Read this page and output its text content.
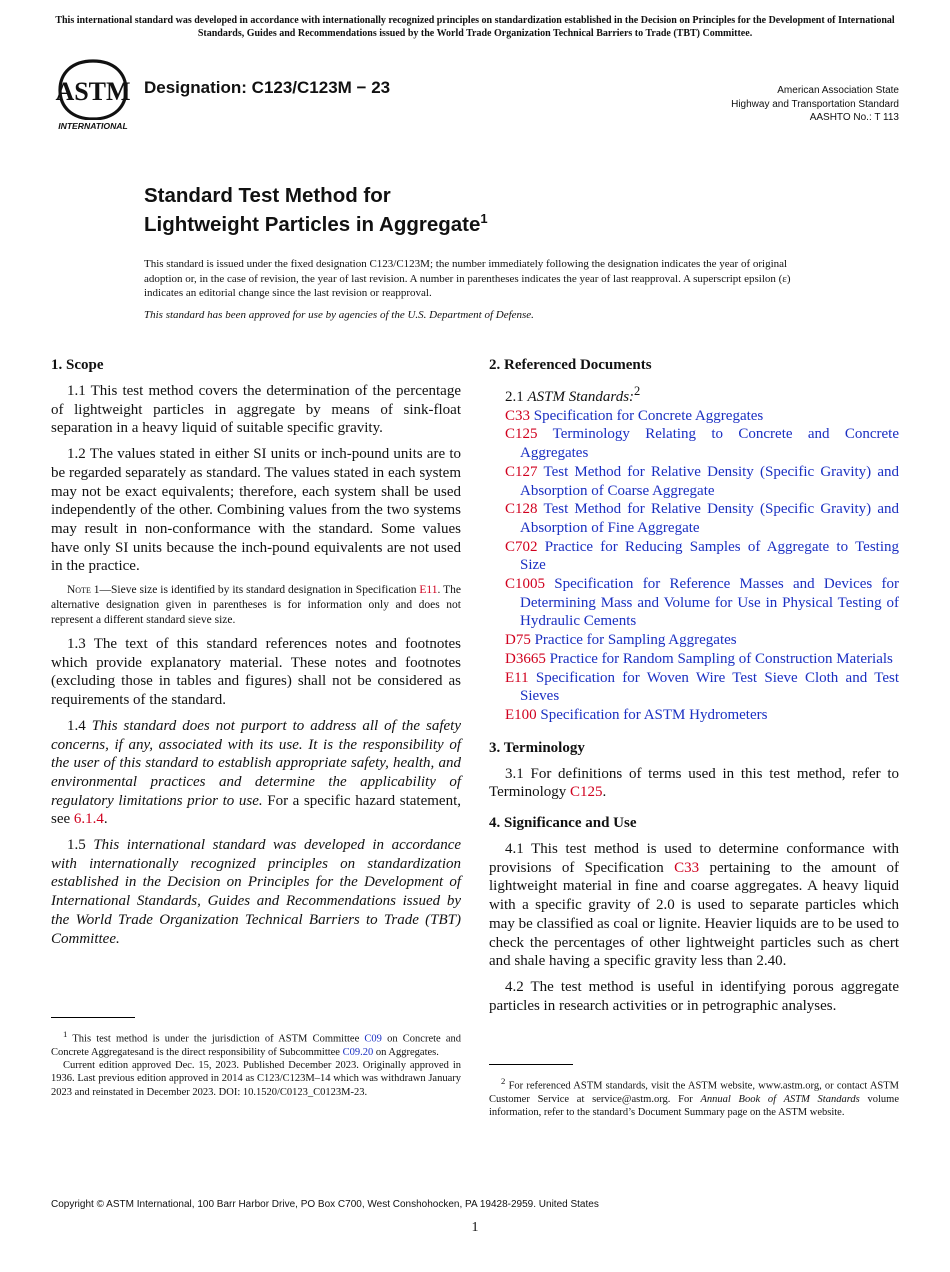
This international standard was developed in accordance with internationally recognized principles on standardization established in the Decision on Principles for the Development of International Standards, Guides and Recommendations issued by the World Trade Organization Technical Barriers to Trade (TBT) Committee.
ASTM
INTERNATIONAL
Designation: C123/C123M − 23	American Association State
Highway and Transportation Standard
AASHTO No.: T 113
Standard Test Method for
Lightweight Particles in Aggregate$^1$
This standard is issued under the fixed designation C123/C123M; the number immediately following the designation indicates the year of original adoption or, in the case of revision, the year of last revision. A number in parentheses indicates the year of last reapproval. A superscript epsilon (ε) indicates an editorial change since the last revision or reapproval.
This standard has been approved for use by agencies of the U.S. Department of Defense.
1. Scope

1.1 This test method covers the determination of the percentage of lightweight particles in aggregate by means of sink-float separation in a heavy liquid of suitable specific gravity.

1.2 The values stated in either SI units or inch-pound units are to be regarded separately as standard. The values stated in each system may not be exact equivalents; therefore, each system shall be used independently of the other. Combining values from the two systems may result in non-conformance with the standard. Some values have only SI units because the inch-pound equivalents are not used in the practice.

Note 1—Sieve size is identified by its standard designation in Specification E11. The alternative designation given in parentheses is for information only and does not represent a different standard sieve size.

1.3 The text of this standard references notes and footnotes which provide explanatory material. These notes and footnotes (excluding those in tables and figures) shall not be considered as requirements of the standard.

1.4 This standard does not purport to address all of the safety concerns, if any, associated with its use. It is the responsibility of the user of this standard to establish appropriate safety, health, and environmental practices and determine the applicability of regulatory limitations prior to use. For a specific hazard statement, see 6.1.4.

1.5 This international standard was developed in accordance with internationally recognized principles on standardization established in the Decision on Principles for the Development of International Standards, Guides and Recommendations issued by the World Trade Organization Technical Barriers to Trade (TBT) Committee.

$^1$ This test method is under the jurisdiction of ASTM Committee C09 on Concrete and Concrete Aggregatesand is the direct responsibility of Subcommittee C09.20 on Aggregates.

Current edition approved Dec. 15, 2023. Published December 2023. Originally approved in 1936. Last previous edition approved in 2014 as C123/C123M–14 which was withdrawn January 2023 and reinstated in December 2023. DOI: 10.1520/C0123_C0123M-23.

2. Referenced Documents
2.1 ASTM Standards:$^2$
C33 Specification for Concrete Aggregates
C125 Terminology Relating to Concrete and Concrete Aggregates
C127 Test Method for Relative Density (Specific Gravity) and Absorption of Coarse Aggregate
C128 Test Method for Relative Density (Specific Gravity) and Absorption of Fine Aggregate
C702 Practice for Reducing Samples of Aggregate to Testing Size
C1005 Specification for Reference Masses and Devices for Determining Mass and Volume for Use in Physical Testing of Hydraulic Cements
D75 Practice for Sampling Aggregates
D3665 Practice for Random Sampling of Construction Materials
E11 Specification for Woven Wire Test Sieve Cloth and Test Sieves
E100 Specification for ASTM Hydrometers
3. Terminology

3.1 For definitions of terms used in this test method, refer to Terminology C125.

4. Significance and Use

4.1 This test method is used to determine conformance with provisions of Specification C33 pertaining to the amount of lightweight material in fine and coarse aggregates. A heavy liquid with a specific gravity of 2.0 is used to separate particles which may be classified as coal or lignite. Heavier liquids are to be used to check the percentages of other lightweight particles such as chert and shale having a specific gravity less than 2.40.

4.2 The test method is useful in identifying porous aggregate particles in research activities or in petrographic analyses.

$^2$ For referenced ASTM standards, visit the ASTM website, www.astm.org, or contact ASTM Customer Service at service@astm.org. For Annual Book of ASTM Standards volume information, refer to the standard’s Document Summary page on the ASTM website.

Copyright © ASTM International, 100 Barr Harbor Drive, PO Box C700, West Conshohocken, PA 19428-2959. United States
1
